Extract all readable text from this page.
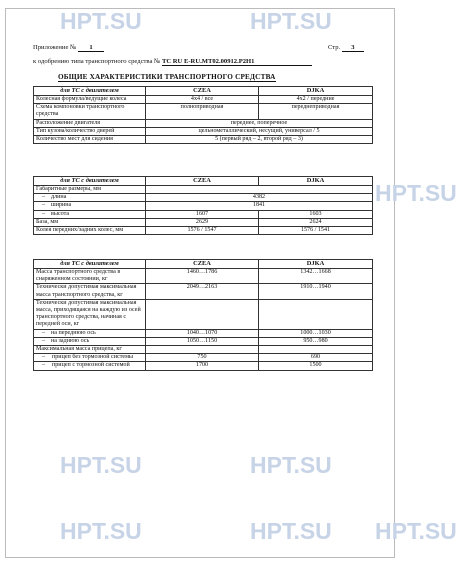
HPT.SU	HPT.SU
HPT.SU
HPT.SU	HPT.SU
HPT.SU	HPT.SU HPT.SU
Приложение № 1	Стр. 3
к одобрению типа транспортного средства № TC RU E-RU.MT02.00912.P2H1
ОБЩИЕ ХАРАКТЕРИСТИКИ ТРАНСПОРТНОГО СРЕДСТВА
для ТС с двигателем	CZEA	DJKA
Колесная формула/ведущие колеса	4x4 / все	4x2 / передние
Схема компоновки транспортного средства	полноприводная	переднеприводная
Расположение двигателя	переднее, поперечное	
Тип кузова/количество дверей	цельнометаллический, несущий, универсал / 5	
Количество мест для сидения	5 (первый ряд – 2, второй ряд – 3)	
для ТС с двигателем	CZEA	DJKA
Габаритные размеры, мм		
– длина	4382	
– ширина	1841	
– высота	1607	1603
База, мм	2629	2624
Колея передних/задних колес, мм	1576 / 1547	1576 / 1541
для ТС с двигателем	CZEA	DJKA
Масса транспортного средства в снаряженном состоянии, кг	1460…1786	1342…1668
Технически допустимая максимальная масса транспортного средства, кг	2049…2163	1910…1940
Технически допустимая максимальная масса, приходящаяся на каждую из осей транспортного средства, начиная с передней оси, кг		
– на переднюю ось	1040…1070	1000…1030
– на заднюю ось	1050…1150	950…980
Максимальная масса прицепа, кг		

– прицеп без тормозной системы	750	690

– прицеп с тормозной системой	1700	1500
